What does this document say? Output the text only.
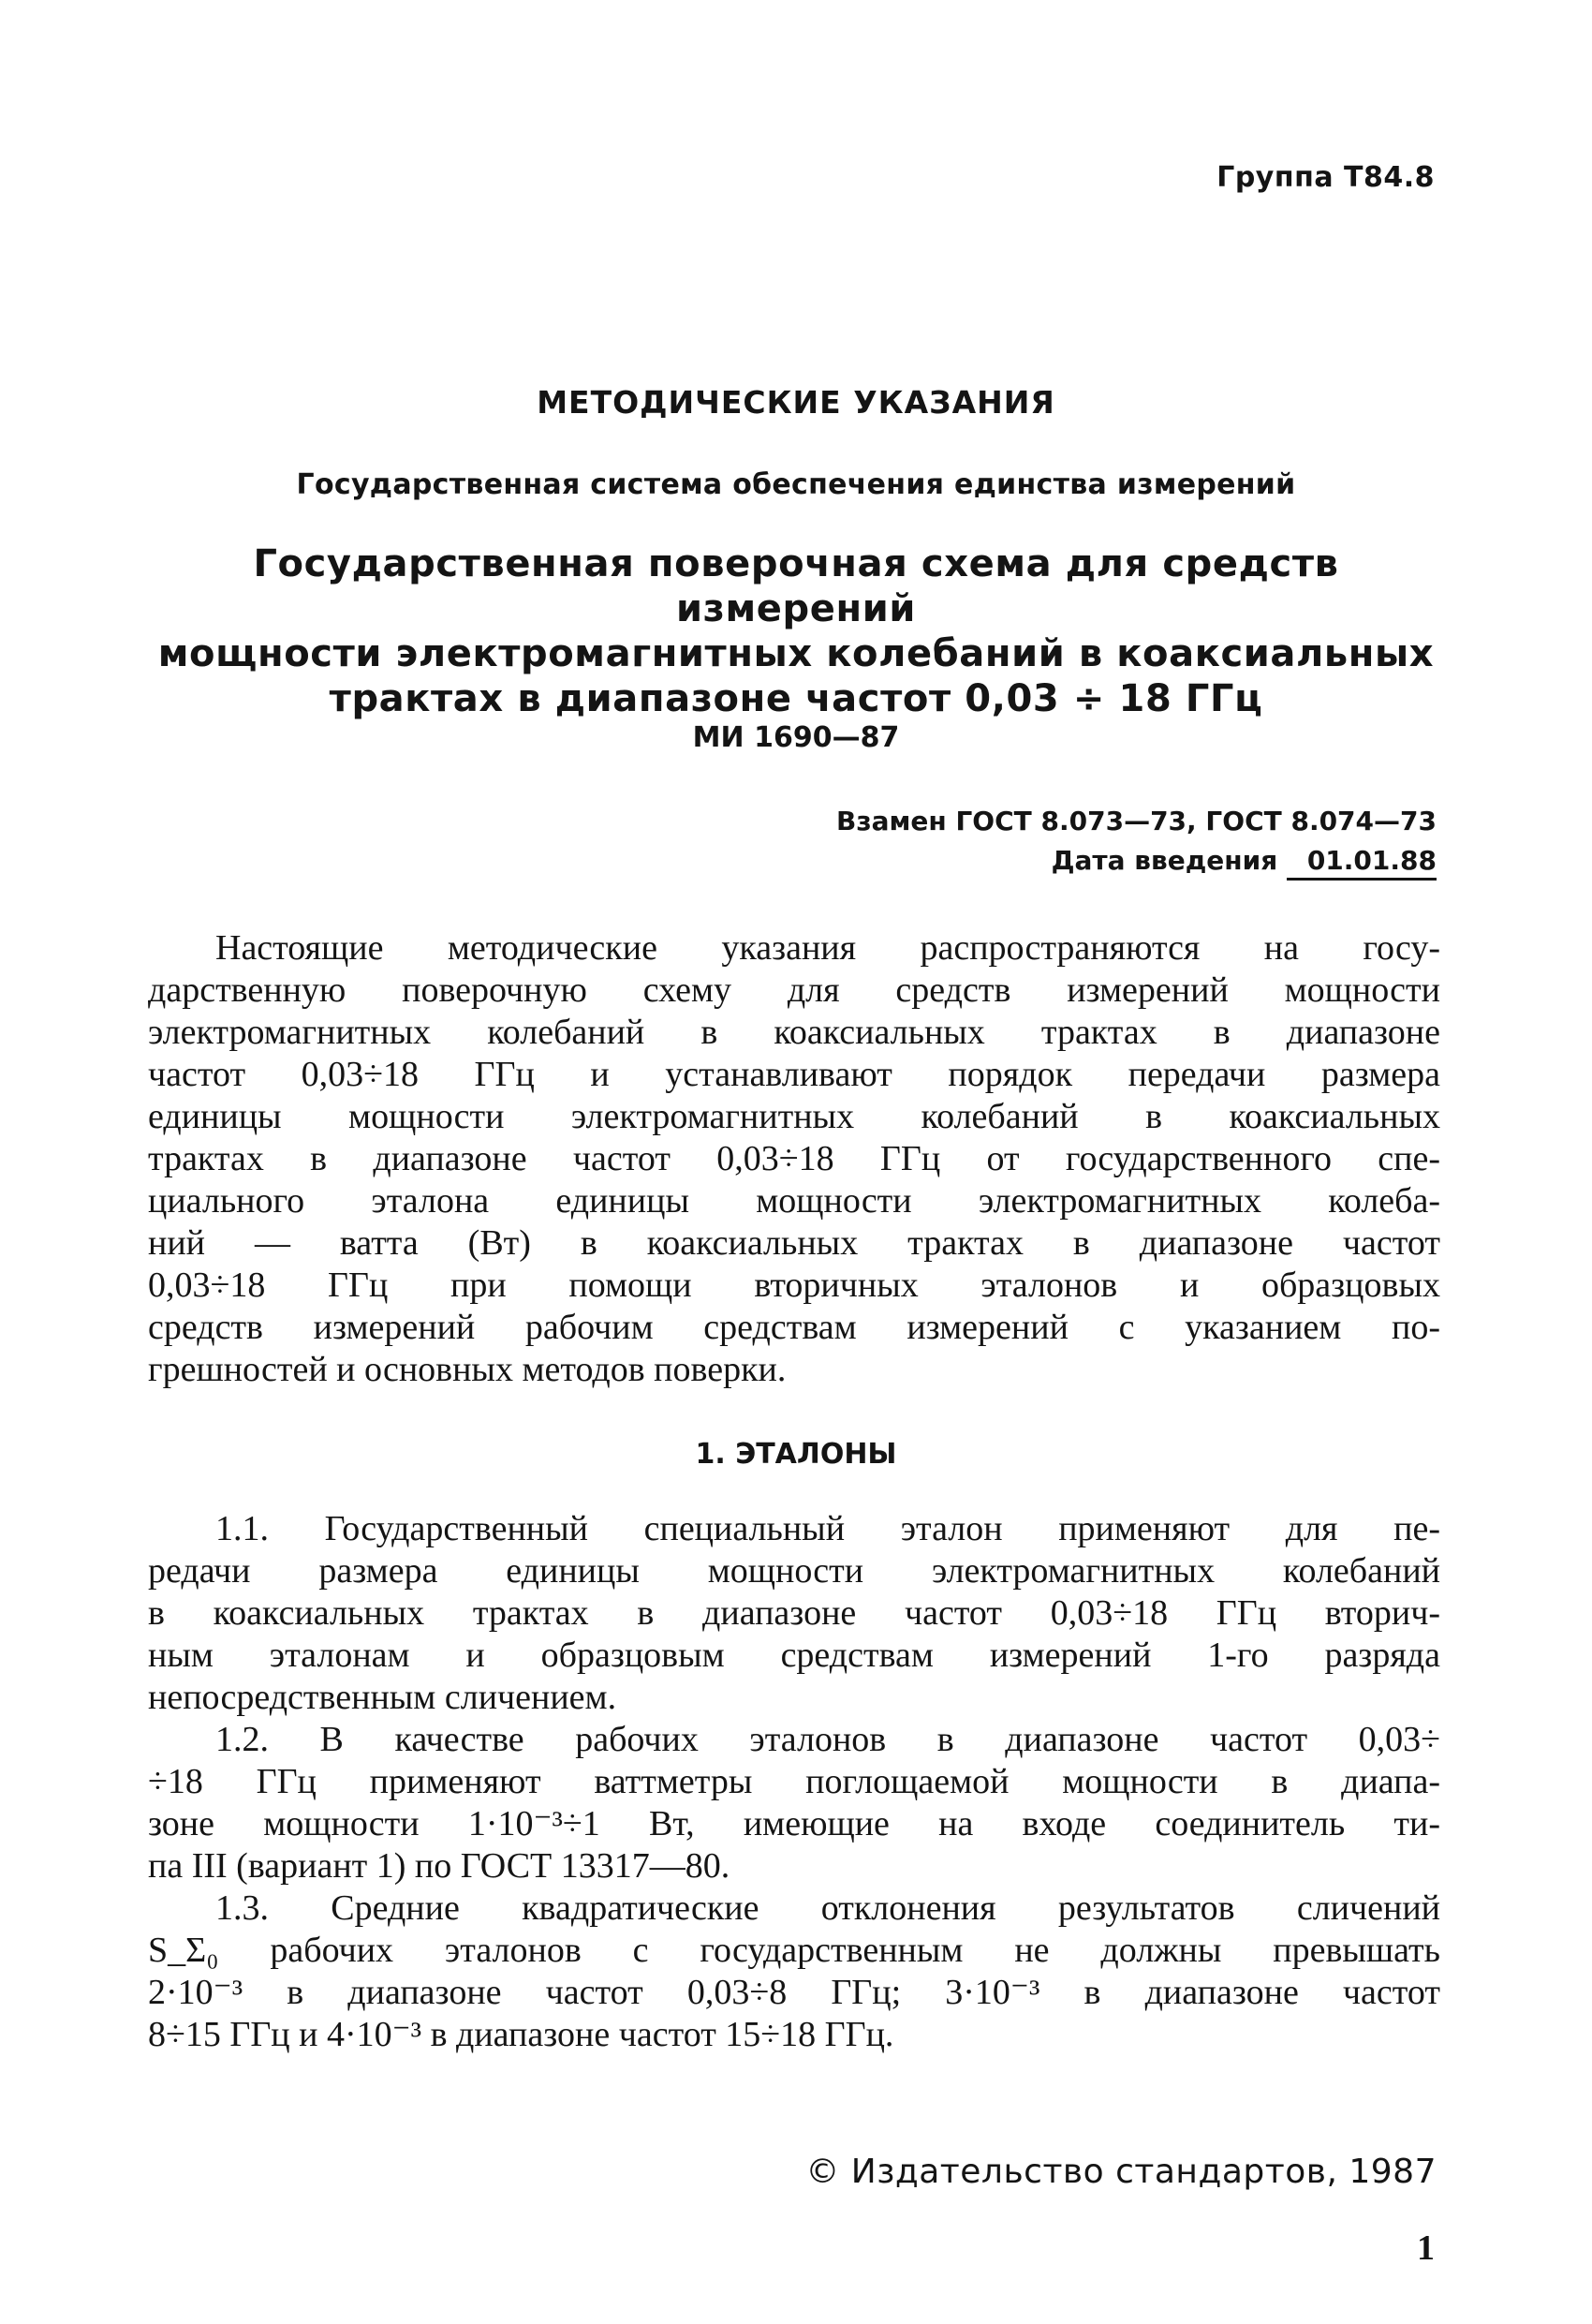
Группа Т84.8
МЕТОДИЧЕСКИЕ УКАЗАНИЯ
Государственная система обеспечения единства измерений
Государственная поверочная схема для средств измерений
мощности электромагнитных колебаний в коаксиальных
трактах в диапазоне частот 0,03 ÷ 18 ГГц
МИ 1690—87
Взамен ГОСТ 8.073—73, ГОСТ 8.074—73
Дата введения 01.01.88
Настоящие методические указания распространяются на госу-
дарственную поверочную схему для средств измерений мощности
электромагнитных колебаний в коаксиальных трактах в диапазоне
частот 0,03÷18 ГГц и устанавливают порядок передачи размера
единицы мощности электромагнитных колебаний в коаксиальных
трактах в диапазоне частот 0,03÷18 ГГц от государственного спе-
циального эталона единицы мощности электромагнитных колеба-
ний — ватта (Вт) в коаксиальных трактах в диапазоне частот
0,03÷18 ГГц при помощи вторичных эталонов и образцовых
средств измерений рабочим средствам измерений с указанием по-
грешностей и основных методов поверки.
1. ЭТАЛОНЫ
1.1. Государственный специальный эталон применяют для пе-
редачи размера единицы мощности электромагнитных колебаний
в коаксиальных трактах в диапазоне частот 0,03÷18 ГГц вторич-
ным эталонам и образцовым средствам измерений 1-го разряда
непосредственным сличением.
1.2. В качестве рабочих эталонов в диапазоне частот 0,03÷
÷18 ГГц применяют ваттметры поглощаемой мощности в диапа-
зоне мощности 1·10⁻³÷1 Вт, имеющие на входе соединитель ти-
па III (вариант 1) по ГОСТ 13317—80.
1.3. Средние квадратические отклонения результатов сличений
S_Σ₀ рабочих эталонов с государственным не должны превышать
2·10⁻³ в диапазоне частот 0,03÷8 ГГц; 3·10⁻³ в диапазоне частот
8÷15 ГГц и 4·10⁻³ в диапазоне частот 15÷18 ГГц.
© Издательство стандартов, 1987
1
